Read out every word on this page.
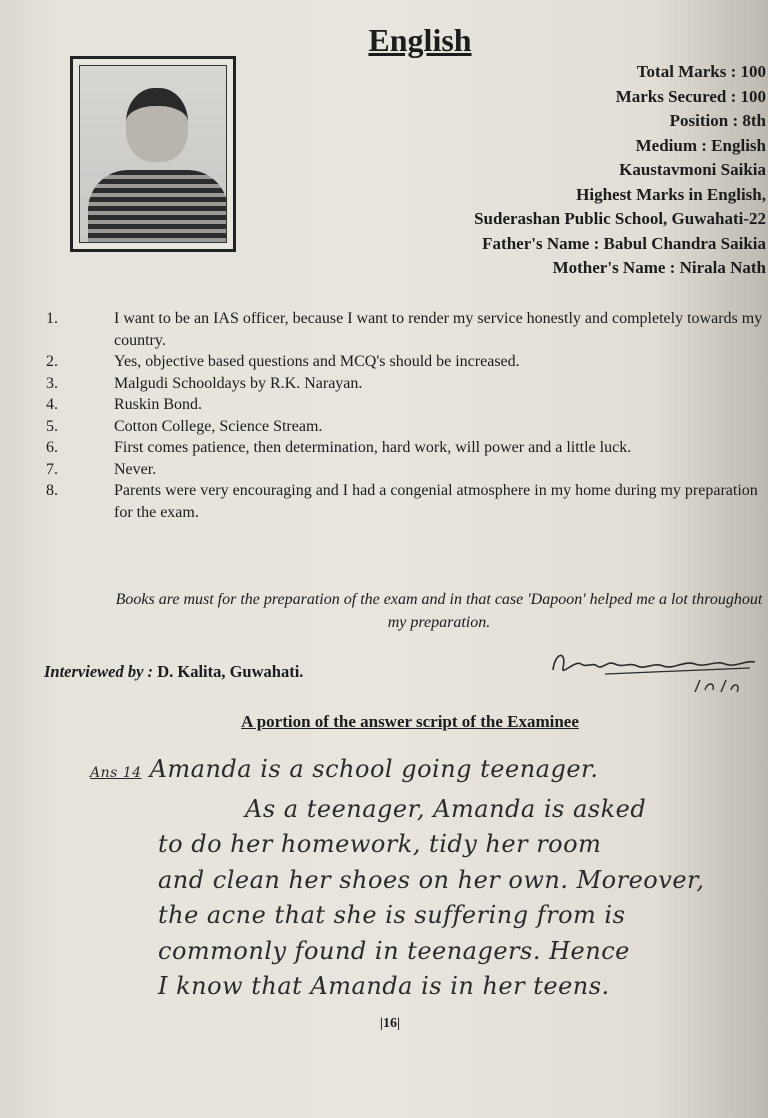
English
Total Marks : 100
Marks Secured : 100
Position : 8th
Medium : English
Kaustavmoni Saikia
Highest Marks in English,
Suderashan Public School, Guwahati-22
Father's Name : Babul Chandra Saikia
Mother's Name : Nirala Nath
1.	I want to be an IAS officer, because I want to render my service honestly and completely towards my country.
2.	Yes, objective based questions and MCQ's should be increased.
3.	Malgudi Schooldays by R.K. Narayan.
4.	Ruskin Bond.
5.	Cotton College, Science Stream.
6.	First comes patience, then determination, hard work, will power and a little luck.
7.	Never.
8.	Parents were very encouraging and I had a congenial atmosphere in my home during my preparation for the exam.
Books are must for the preparation of the exam and in that case 'Dapoon' helped me a lot throughout my preparation.
Interviewed by : D. Kalita, Guwahati.
A portion of the answer script of the Examinee
Ans 14 Amanda is a school going teenager.
As a teenager, Amanda is asked
to do her homework, tidy her room
and clean her shoes on her own. Moreover,
the acne that she is suffering from is
commonly found in teenagers. Hence
I know that Amanda is in her teens.
|16|
